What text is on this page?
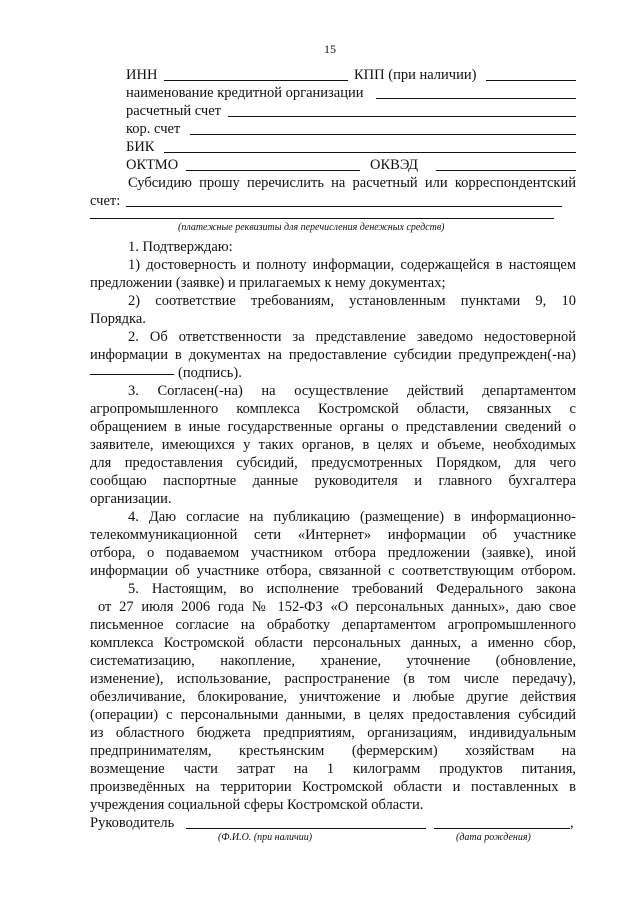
15
ИНН	КПП (при наличии)
наименование кредитной организации
расчетный счет
кор. счет
БИК
ОКТМО	ОКВЭД
Субсидию прошу перечислить на расчетный или корреспондентский
счет:
(платежные реквизиты для перечисления денежных средств)
1. Подтверждаю:
1) достоверность и полноту информации, содержащейся в настоящем
предложении (заявке) и прилагаемых к нему документах;
2) соответствие требованиям, установленным пунктами 9, 10
Порядка.
2. Об ответственности за представление заведомо недостоверной
информации в документах на предоставление субсидии предупрежден(-на)
(подпись).
3. Согласен(-на) на осуществление действий департаментом
агропромышленного комплекса Костромской области, связанных с
обращением в иные государственные органы о представлении сведений о
заявителе, имеющихся у таких органов, в целях и объеме, необходимых
для предоставления субсидий, предусмотренных Порядком, для чего
сообщаю паспортные данные руководителя и главного бухгалтера
организации.
4. Даю согласие на публикацию (размещение) в информационно-
телекоммуникационной сети «Интернет» информации об участнике
отбора, о подаваемом участником отбора предложении (заявке), иной
информации об участнике отбора, связанной с соответствующим отбором.
5. Настоящим, во исполнение требований Федерального закона
от 27 июля 2006 года № 152-ФЗ «О персональных данных», даю свое
письменное согласие на обработку департаментом агропромышленного
комплекса Костромской области персональных данных, а именно сбор,
систематизацию, накопление, хранение, уточнение (обновление,
изменение), использование, распространение (в том числе передачу),
обезличивание, блокирование, уничтожение и любые другие действия
(операции) с персональными данными, в целях предоставления субсидий
из областного бюджета предприятиям, организациям, индивидуальным
предпринимателям, крестьянским (фермерским) хозяйствам на
возмещение части затрат на 1 килограмм продуктов питания,
произведённых на территории Костромской области и поставленных в
учреждения социальной сферы Костромской области.
Руководитель	,
(Ф.И.О. (при наличии)	(дата рождения)
